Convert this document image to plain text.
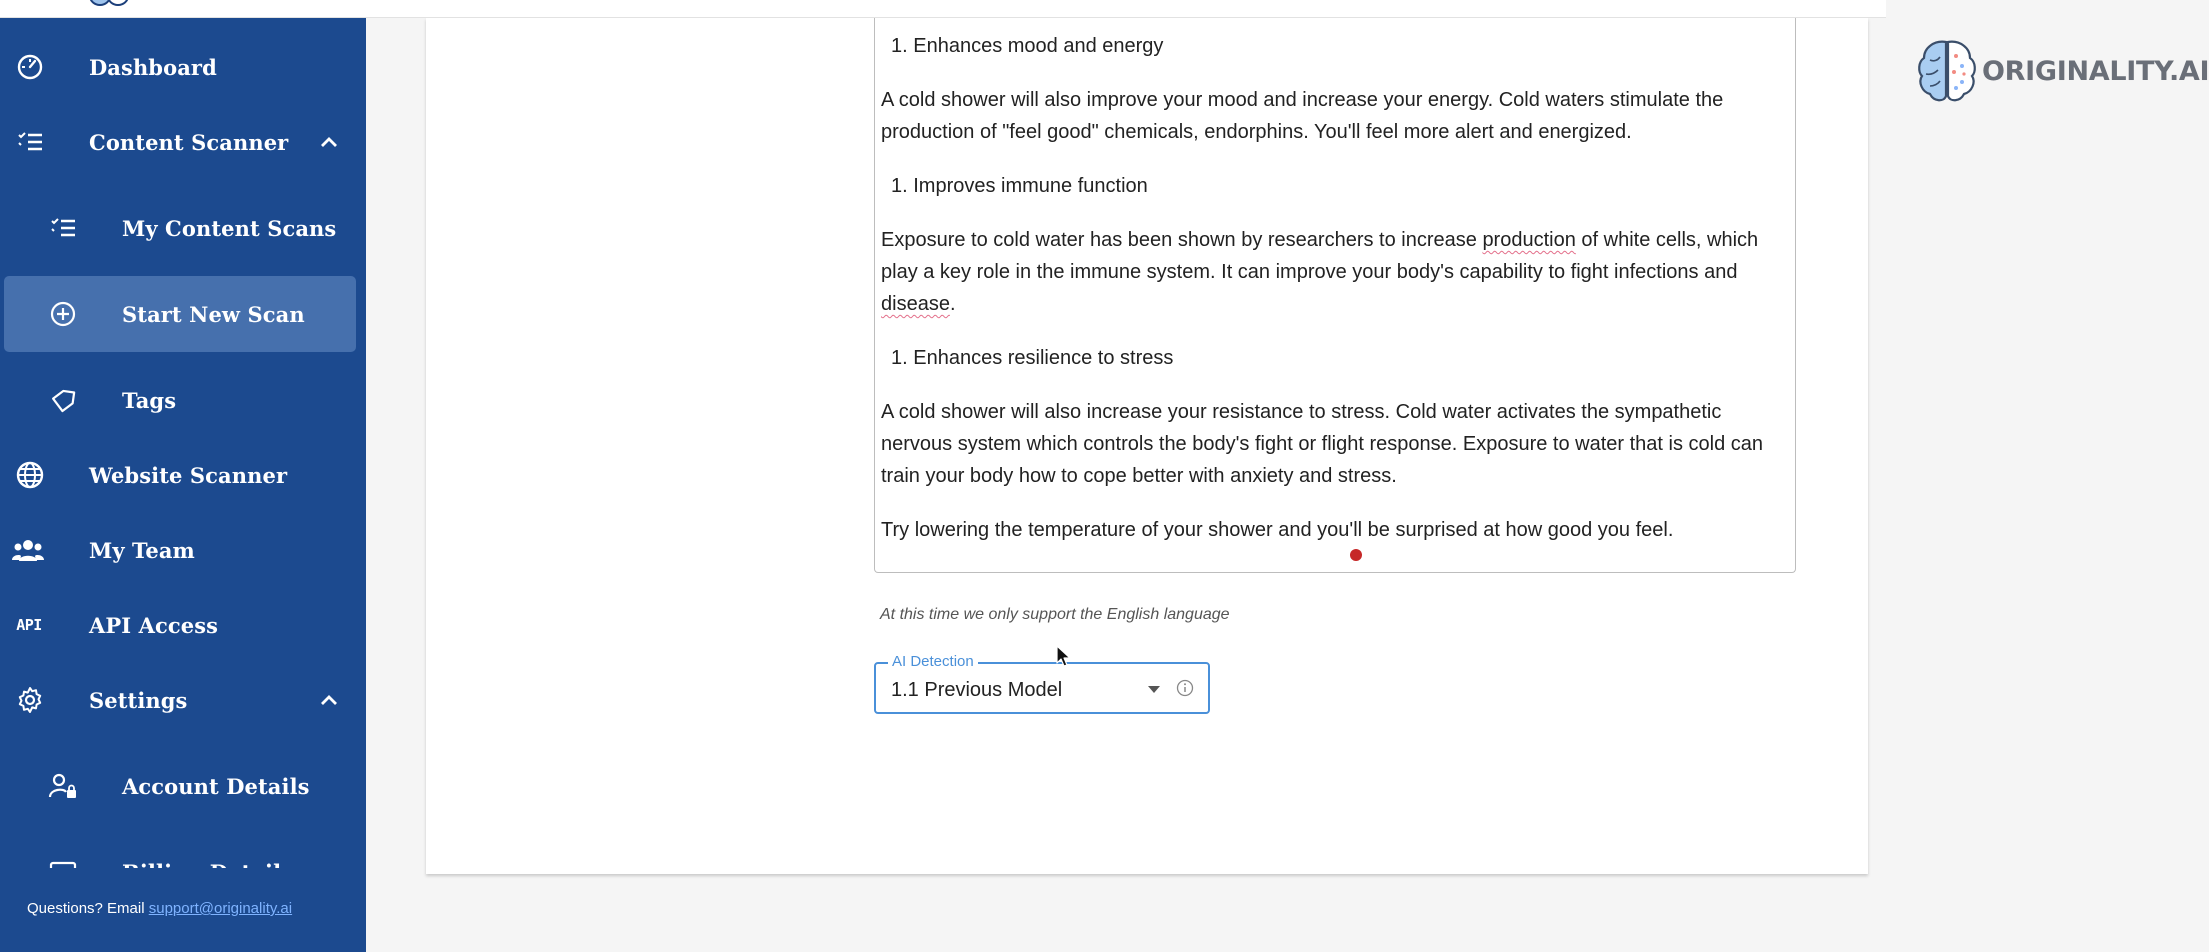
Dashboard
Content Scanner
My Content Scans
Start New Scan
Tags
Website Scanner
My Team
API API Access
Settings
Account Details
Questions? Email support@originality.ai
1. Enhances mood and energy
A cold shower will also improve your mood and increase your energy. Cold waters stimulate the production of "feel good" chemicals, endorphins. You'll feel more alert and energized.
1. Improves immune function
Exposure to cold water has been shown by researchers to increase production of white cells, which play a key role in the immune system. It can improve your body's capability to fight infections and disease.
1. Enhances resilience to stress
A cold shower will also increase your resistance to stress. Cold water activates the sympathetic nervous system which controls the body's fight or flight response. Exposure to water that is cold can train your body how to cope better with anxiety and stress.
Try lowering the temperature of your shower and you'll be surprised at how good you feel.
At this time we only support the English language
AI Detection
1.1 Previous Model
ORIGINALITY.AI
